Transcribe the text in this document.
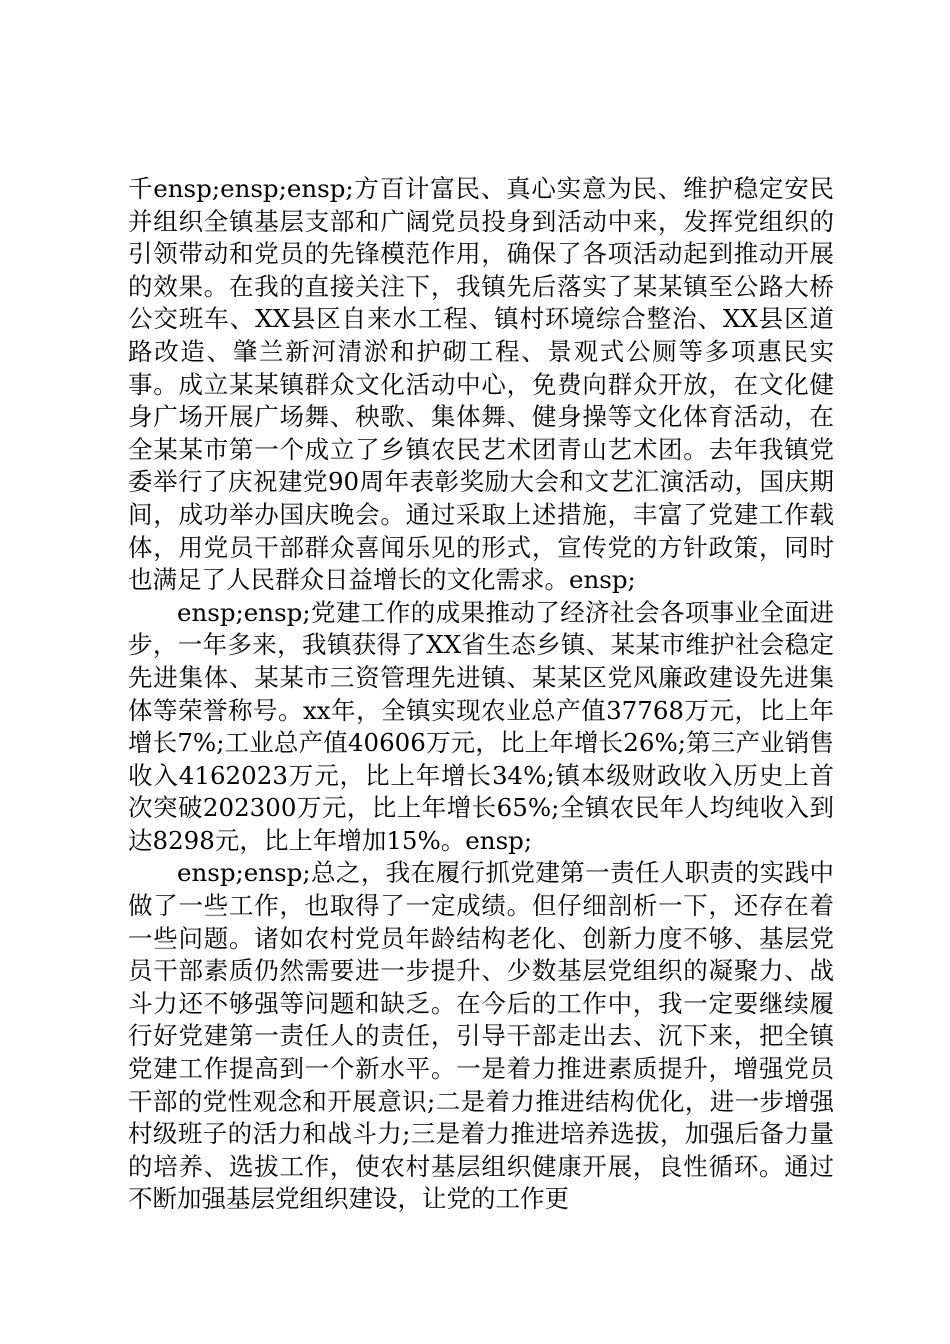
千ensp;ensp;ensp;方百计富民、真心实意为民、维护稳定安民并组织全镇基层支部和广阔党员投身到活动中来，发挥党组织的引领带动和党员的先锋模范作用，确保了各项活动起到推动开展的效果。在我的直接关注下，我镇先后落实了某某镇至公路大桥公交班车、XX县区自来水工程、镇村环境综合整治、XX县区道路改造、肇兰新河清淤和护砌工程、景观式公厕等多项惠民实事。成立某某镇群众文化活动中心，免费向群众开放，在文化健身广场开展广场舞、秧歌、集体舞、健身操等文化体育活动，在全某某市第一个成立了乡镇农民艺术团青山艺术团。去年我镇党委举行了庆祝建党90周年表彰奖励大会和文艺汇演活动，国庆期间，成功举办国庆晚会。通过采取上述措施，丰富了党建工作载体，用党员干部群众喜闻乐见的形式，宣传党的方针政策，同时也满足了人民群众日益增长的文化需求。ensp;

ensp;ensp;党建工作的成果推动了经济社会各项事业全面进步，一年多来，我镇获得了XX省生态乡镇、某某市维护社会稳定先进集体、某某市三资管理先进镇、某某区党风廉政建设先进集体等荣誉称号。xx年，全镇实现农业总产值37768万元，比上年增长7%;工业总产值40606万元，比上年增长26%;第三产业销售收入4162023万元，比上年增长34%;镇本级财政收入历史上首次突破202300万元，比上年增长65%;全镇农民年人均纯收入到达8298元，比上年增加15%。ensp;

ensp;ensp;总之，我在履行抓党建第一责任人职责的实践中做了一些工作，也取得了一定成绩。但仔细剖析一下，还存在着一些问题。诸如农村党员年龄结构老化、创新力度不够、基层党员干部素质仍然需要进一步提升、少数基层党组织的凝聚力、战斗力还不够强等问题和缺乏。在今后的工作中，我一定要继续履行好党建第一责任人的责任，引导干部走出去、沉下来，把全镇党建工作提高到一个新水平。一是着力推进素质提升，增强党员干部的党性观念和开展意识;二是着力推进结构优化，进一步增强村级班子的活力和战斗力;三是着力推进培养选拔，加强后备力量的培养、选拔工作，使农村基层组织健康开展，良性循环。通过不断加强基层党组织建设，让党的工作更
